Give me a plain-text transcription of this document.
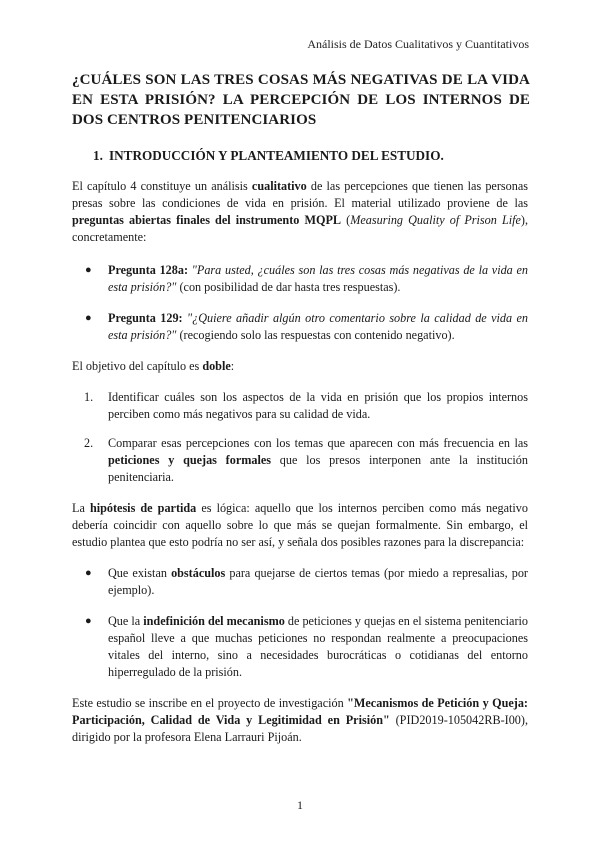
Análisis de Datos Cualitativos y Cuantitativos
¿CUÁLES SON LAS TRES COSAS MÁS NEGATIVAS DE LA VIDA EN ESTA PRISIÓN? LA PERCEPCIÓN DE LOS INTERNOS DE DOS CENTROS PENITENCIARIOS
1. INTRODUCCIÓN Y PLANTEAMIENTO DEL ESTUDIO.

El capítulo 4 constituye un análisis cualitativo de las percepciones que tienen las personas presas sobre las condiciones de vida en prisión. El material utilizado proviene de las preguntas abiertas finales del instrumento MQPL (Measuring Quality of Prison Life), concretamente:

● Pregunta 128a: "Para usted, ¿cuáles son las tres cosas más negativas de la vida en esta prisión?" (con posibilidad de dar hasta tres respuestas).
● Pregunta 129: "¿Quiere añadir algún otro comentario sobre la calidad de vida en esta prisión?" (recogiendo solo las respuestas con contenido negativo).

El objetivo del capítulo es doble:

1. Identificar cuáles son los aspectos de la vida en prisión que los propios internos perciben como más negativos para su calidad de vida.
2. Comparar esas percepciones con los temas que aparecen con más frecuencia en las peticiones y quejas formales que los presos interponen ante la institución penitenciaria.

La hipótesis de partida es lógica: aquello que los internos perciben como más negativo debería coincidir con aquello sobre lo que más se quejan formalmente. Sin embargo, el estudio plantea que esto podría no ser así, y señala dos posibles razones para la discrepancia:

● Que existan obstáculos para quejarse de ciertos temas (por miedo a represalias, por ejemplo).
● Que la indefinición del mecanismo de peticiones y quejas en el sistema penitenciario español lleve a que muchas peticiones no respondan realmente a preocupaciones vitales del interno, sino a necesidades burocráticas o cotidianas del entorno hiperregulado de la prisión.

Este estudio se inscribe en el proyecto de investigación "Mecanismos de Petición y Queja: Participación, Calidad de Vida y Legitimidad en Prisión" (PID2019-105042RB-I00), dirigido por la profesora Elena Larrauri Pijoán.

1
